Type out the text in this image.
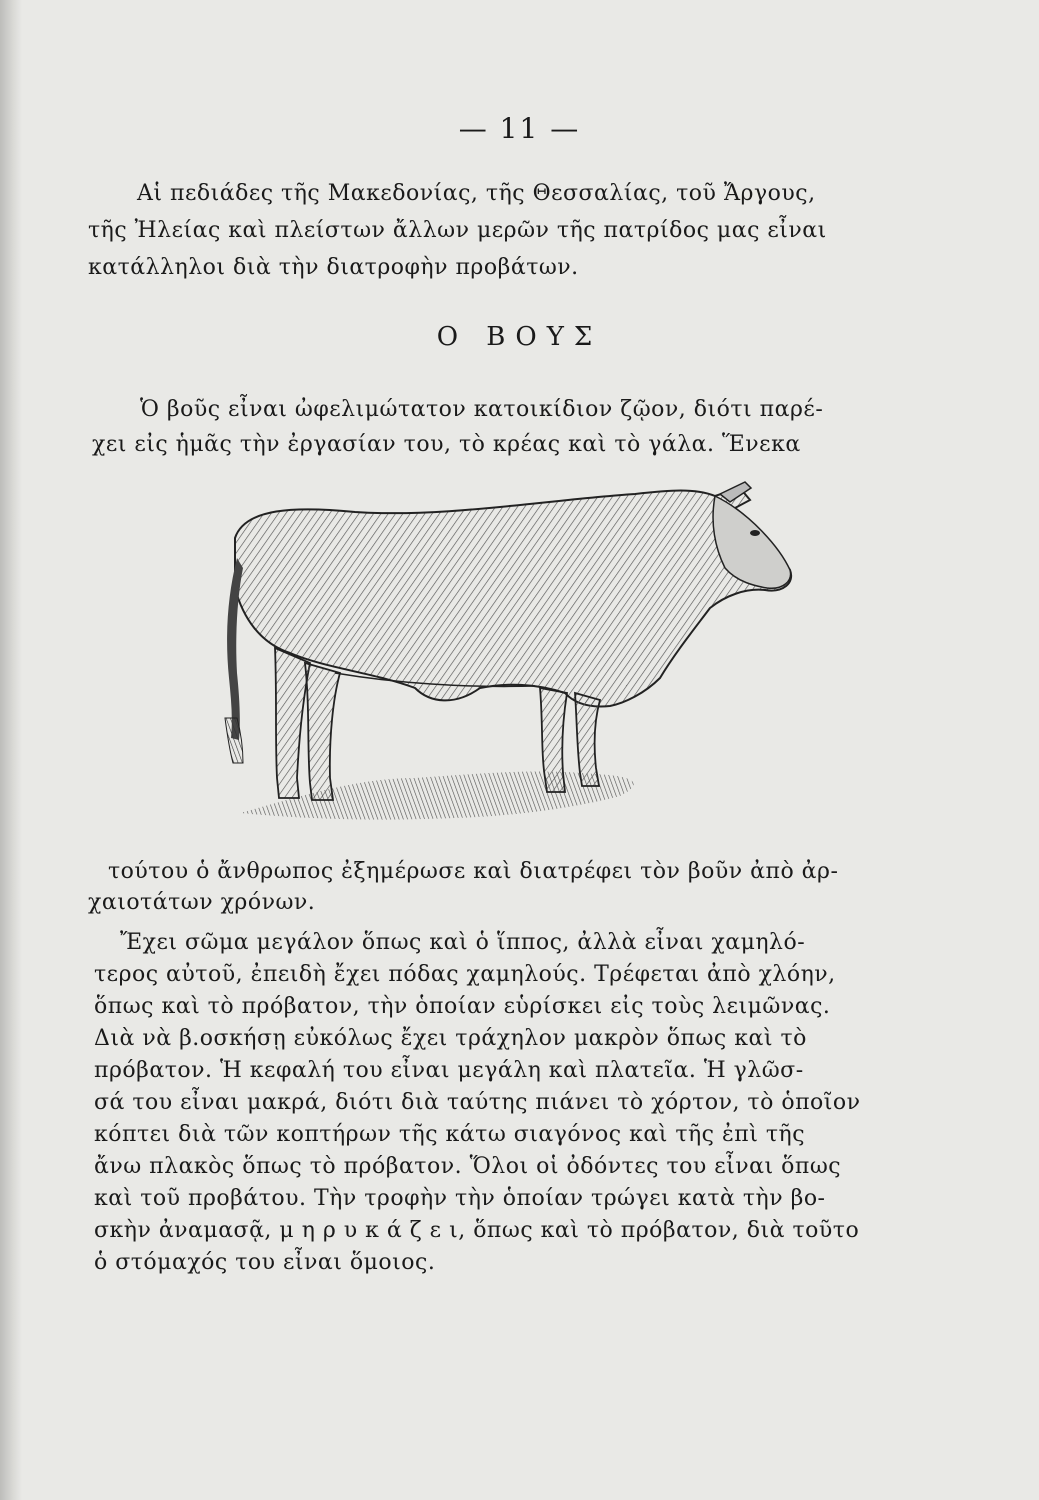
— 11 —
Αἱ πεδιάδες τῆς Μακεδονίας, τῆς Θεσσαλίας, τοῦ Ἄργους,
τῆς Ἠλείας καὶ πλείστων ἄλλων μερῶν τῆς πατρίδος μας εἶναι
κατάλληλοι διὰ τὴν διατροφὴν προβάτων.
Ο ΒΟΥΣ
Ὁ βοῦς εἶναι ὠφελιμώτατον κατοικίδιον ζῷον, διότι παρέ-
χει εἰς ἡμᾶς τὴν ἐργασίαν του, τὸ κρέας καὶ τὸ γάλα. Ἕνεκα
τούτου ὁ ἄνθρωπος ἐξημέρωσε καὶ διατρέφει τὸν βοῦν ἀπὸ ἀρ-
χαιοτάτων χρόνων.
Ἔχει σῶμα μεγάλον ὅπως καὶ ὁ ἵππος, ἀλλὰ εἶναι χαμηλό-
τερος αὐτοῦ, ἐπειδὴ ἔχει πόδας χαμηλούς. Τρέφεται ἀπὸ χλόην,
ὅπως καὶ τὸ πρόβατον, τὴν ὁποίαν εὑρίσκει εἰς τοὺς λειμῶνας.
Διὰ νὰ β.οσκήσῃ εὐκόλως ἔχει τράχηλον μακρὸν ὅπως καὶ τὸ
πρόβατον. Ἡ κεφαλή του εἶναι μεγάλη καὶ πλατεῖα. Ἡ γλῶσ-
σά του εἶναι μακρά, διότι διὰ ταύτης πιάνει τὸ χόρτον, τὸ ὁποῖον
κόπτει διὰ τῶν κοπτήρων τῆς κάτω σιαγόνος καὶ τῆς ἐπὶ τῆς
ἄνω πλακὸς ὅπως τὸ πρόβατον. Ὅλοι οἱ ὀδόντες του εἶναι ὅπως
καὶ τοῦ προβάτου. Τὴν τροφὴν τὴν ὁποίαν τρώγει κατὰ τὴν βο-
σκὴν ἀναμασᾷ, μ η ρ υ κ ά ζ ε ι, ὅπως καὶ τὸ πρόβατον, διὰ τοῦτο
ὁ στόμαχός του εἶναι ὅμοιος.
